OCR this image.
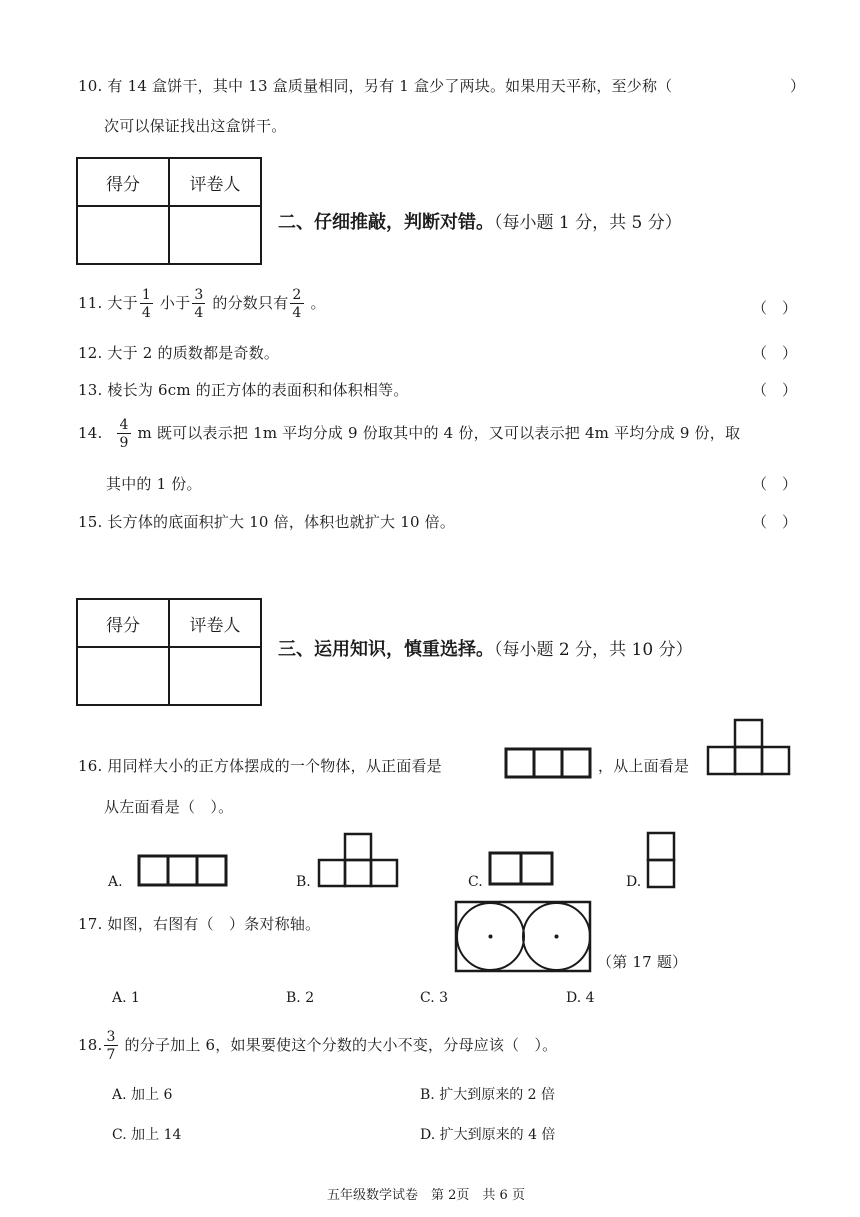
10. 有 14 盒饼干，其中 13 盒质量相同，另有 1 盒少了两块。如果用天平称，至少称（	）
次可以保证找出这盒饼干。
得分	评卷人

二、仔细推敲，判断对错。（每小题 1 分，共 5 分）
11. 大于 $\frac{1}{4}$ 小于 $\frac{3}{4}$ 的分数只有 $\frac{2}{4}$ 。	（　）
12. 大于 2 的质数都是奇数。	（　）
13. 棱长为 6cm 的正方体的表面积和体积相等。	（　）
14. $\frac{4}{9}$ m 既可以表示把 1m 平均分成 9 份取其中的 4 份，又可以表示把 4m 平均分成 9 份，取
其中的 1 份。	（　）
15. 长方体的底面积扩大 10 倍，体积也就扩大 10 倍。	（　）
得分	评卷人

三、运用知识，慎重选择。（每小题 2 分，共 10 分）
16. 用同样大小的正方体摆成的一个物体，从正面看是	，从上面看是
从左面看是（　）。
A.	B.	C.	D.
17. 如图，右图有（　）条对称轴。
（第 17 题）
A. 1	B. 2	C. 3	D. 4
18. $\frac{3}{7}$ 的分子加上 6，如果要使这个分数的大小不变，分母应该（　）。
A. 加上 6	B. 扩大到原来的 2 倍
C. 加上 14	D. 扩大到原来的 4 倍
五年级数学试卷　第 2页　共 6 页
